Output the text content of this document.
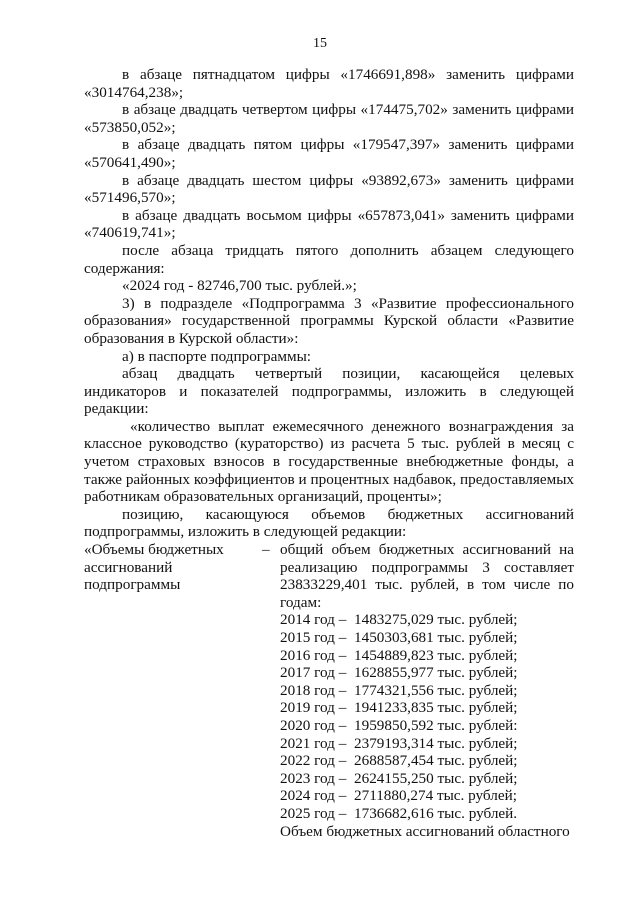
15
в абзаце пятнадцатом цифры «1746691,898» заменить цифрами «3014764,238»;
в абзаце двадцать четвертом цифры «174475,702» заменить цифрами «573850,052»;
в абзаце двадцать пятом цифры «179547,397» заменить цифрами «570641,490»;
в абзаце двадцать шестом цифры «93892,673» заменить цифрами «571496,570»;
в абзаце двадцать восьмом цифры «657873,041» заменить цифрами «740619,741»;
после абзаца тридцать пятого дополнить абзацем следующего содержания:
«2024 год - 82746,700 тыс. рублей.»;
3) в подразделе «Подпрограмма 3 «Развитие профессионального образования» государственной программы Курской области «Развитие образования в Курской области»:
а) в паспорте подпрограммы:
абзац двадцать четвертый позиции, касающейся целевых индикаторов и показателей подпрограммы, изложить в следующей редакции:
«количество выплат ежемесячного денежного вознаграждения за классное руководство (кураторство) из расчета 5 тыс. рублей в месяц с учетом страховых взносов в государственные внебюджетные фонды, а также районных коэффициентов и процентных надбавок, предоставляемых работникам образовательных организаций, проценты»;
позицию, касающуюся объемов бюджетных ассигнований подпрограммы, изложить в следующей редакции:
«Объемы бюджетных ассигнований подпрограммы
– общий объем бюджетных ассигнований на реализацию подпрограммы 3 составляет 23833229,401 тыс. рублей, в том числе по годам:
2014 год – 1483275,029 тыс. рублей;
2015 год – 1450303,681 тыс. рублей;
2016 год – 1454889,823 тыс. рублей;
2017 год – 1628855,977 тыс. рублей;
2018 год – 1774321,556 тыс. рублей;
2019 год – 1941233,835 тыс. рублей;
2020 год – 1959850,592 тыс. рублей:
2021 год – 2379193,314 тыс. рублей;
2022 год – 2688587,454 тыс. рублей;
2023 год – 2624155,250 тыс. рублей;
2024 год – 2711880,274 тыс. рублей;
2025 год – 1736682,616 тыс. рублей.
Объем бюджетных ассигнований областного
